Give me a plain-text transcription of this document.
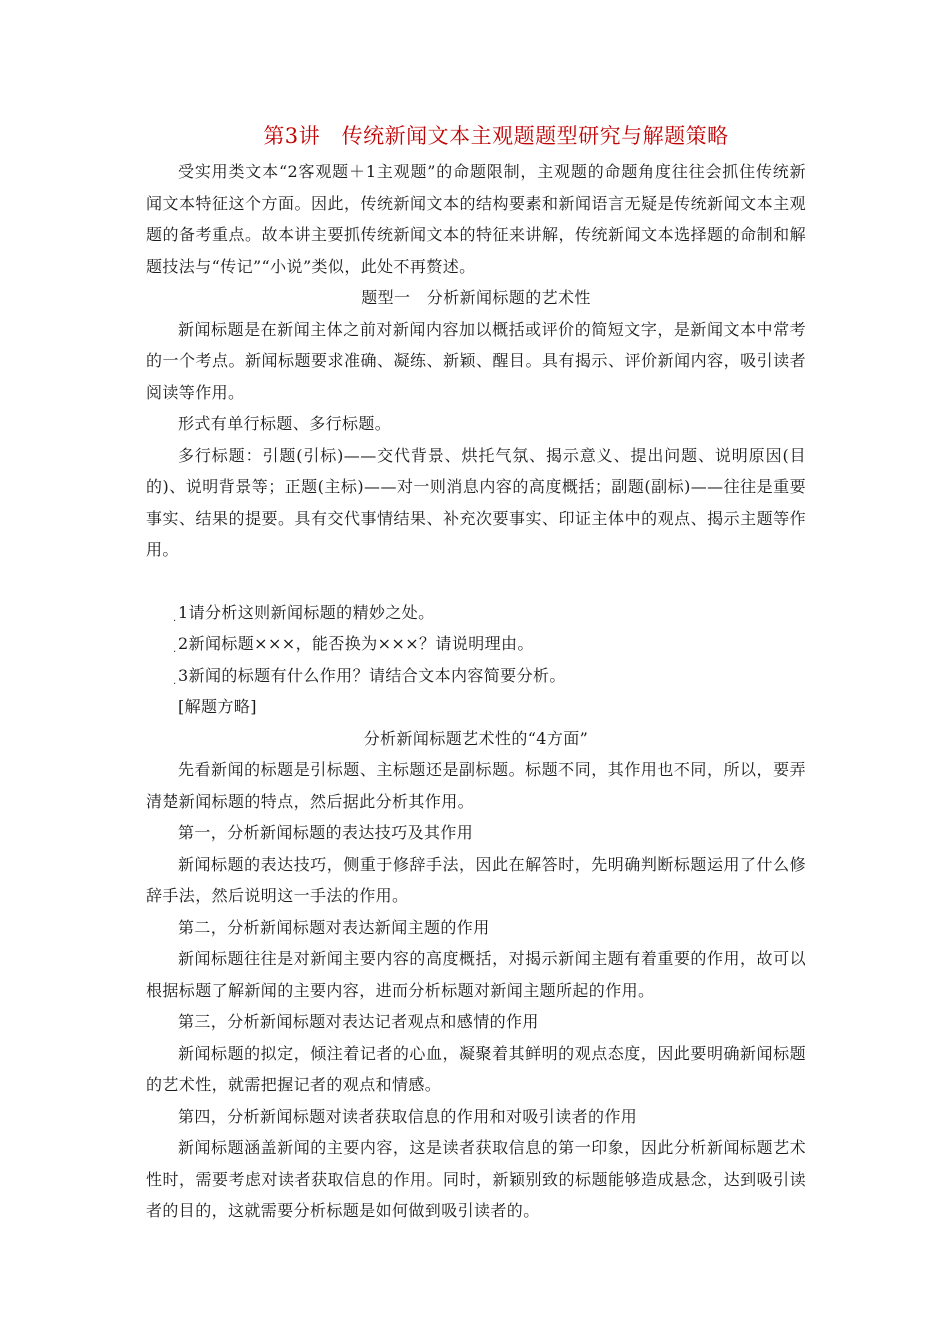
第3讲　传统新闻文本主观题题型研究与解题策略

受实用类文本“2客观题＋1主观题”的命题限制，主观题的命题角度往往会抓住传统新闻文本特征这个方面。因此，传统新闻文本的结构要素和新闻语言无疑是传统新闻文本主观题的备考重点。故本讲主要抓传统新闻文本的特征来讲解，传统新闻文本选择题的命制和解题技法与“传记”“小说”类似，此处不再赘述。

题型一　分析新闻标题的艺术性

新闻标题是在新闻主体之前对新闻内容加以概括或评价的简短文字，是新闻文本中常考的一个考点。新闻标题要求准确、凝练、新颖、醒目。具有揭示、评价新闻内容，吸引读者阅读等作用。

形式有单行标题、多行标题。

多行标题：引题(引标)——交代背景、烘托气氛、揭示意义、提出问题、说明原因(目的)、说明背景等；正题(主标)——对一则消息内容的高度概括；副题(副标)——往往是重要事实、结果的提要。具有交代事情结果、补充次要事实、印证主体中的观点、揭示主题等作用。

. 1请分析这则新闻标题的精妙之处。

. 2新闻标题×××，能否换为×××？请说明理由。

. 3新闻的标题有什么作用？请结合文本内容简要分析。

[解题方略]

分析新闻标题艺术性的“4方面”

先看新闻的标题是引标题、主标题还是副标题。标题不同，其作用也不同，所以，要弄清楚新闻标题的特点，然后据此分析其作用。

第一，分析新闻标题的表达技巧及其作用

新闻标题的表达技巧，侧重于修辞手法，因此在解答时，先明确判断标题运用了什么修辞手法，然后说明这一手法的作用。

第二，分析新闻标题对表达新闻主题的作用

新闻标题往往是对新闻主要内容的高度概括，对揭示新闻主题有着重要的作用，故可以根据标题了解新闻的主要内容，进而分析标题对新闻主题所起的作用。

第三，分析新闻标题对表达记者观点和感情的作用

新闻标题的拟定，倾注着记者的心血，凝聚着其鲜明的观点态度，因此要明确新闻标题的艺术性，就需把握记者的观点和情感。

第四，分析新闻标题对读者获取信息的作用和对吸引读者的作用

新闻标题涵盖新闻的主要内容，这是读者获取信息的第一印象，因此分析新闻标题艺术性时，需要考虑对读者获取信息的作用。同时，新颖别致的标题能够造成悬念，达到吸引读者的目的，这就需要分析标题是如何做到吸引读者的。
